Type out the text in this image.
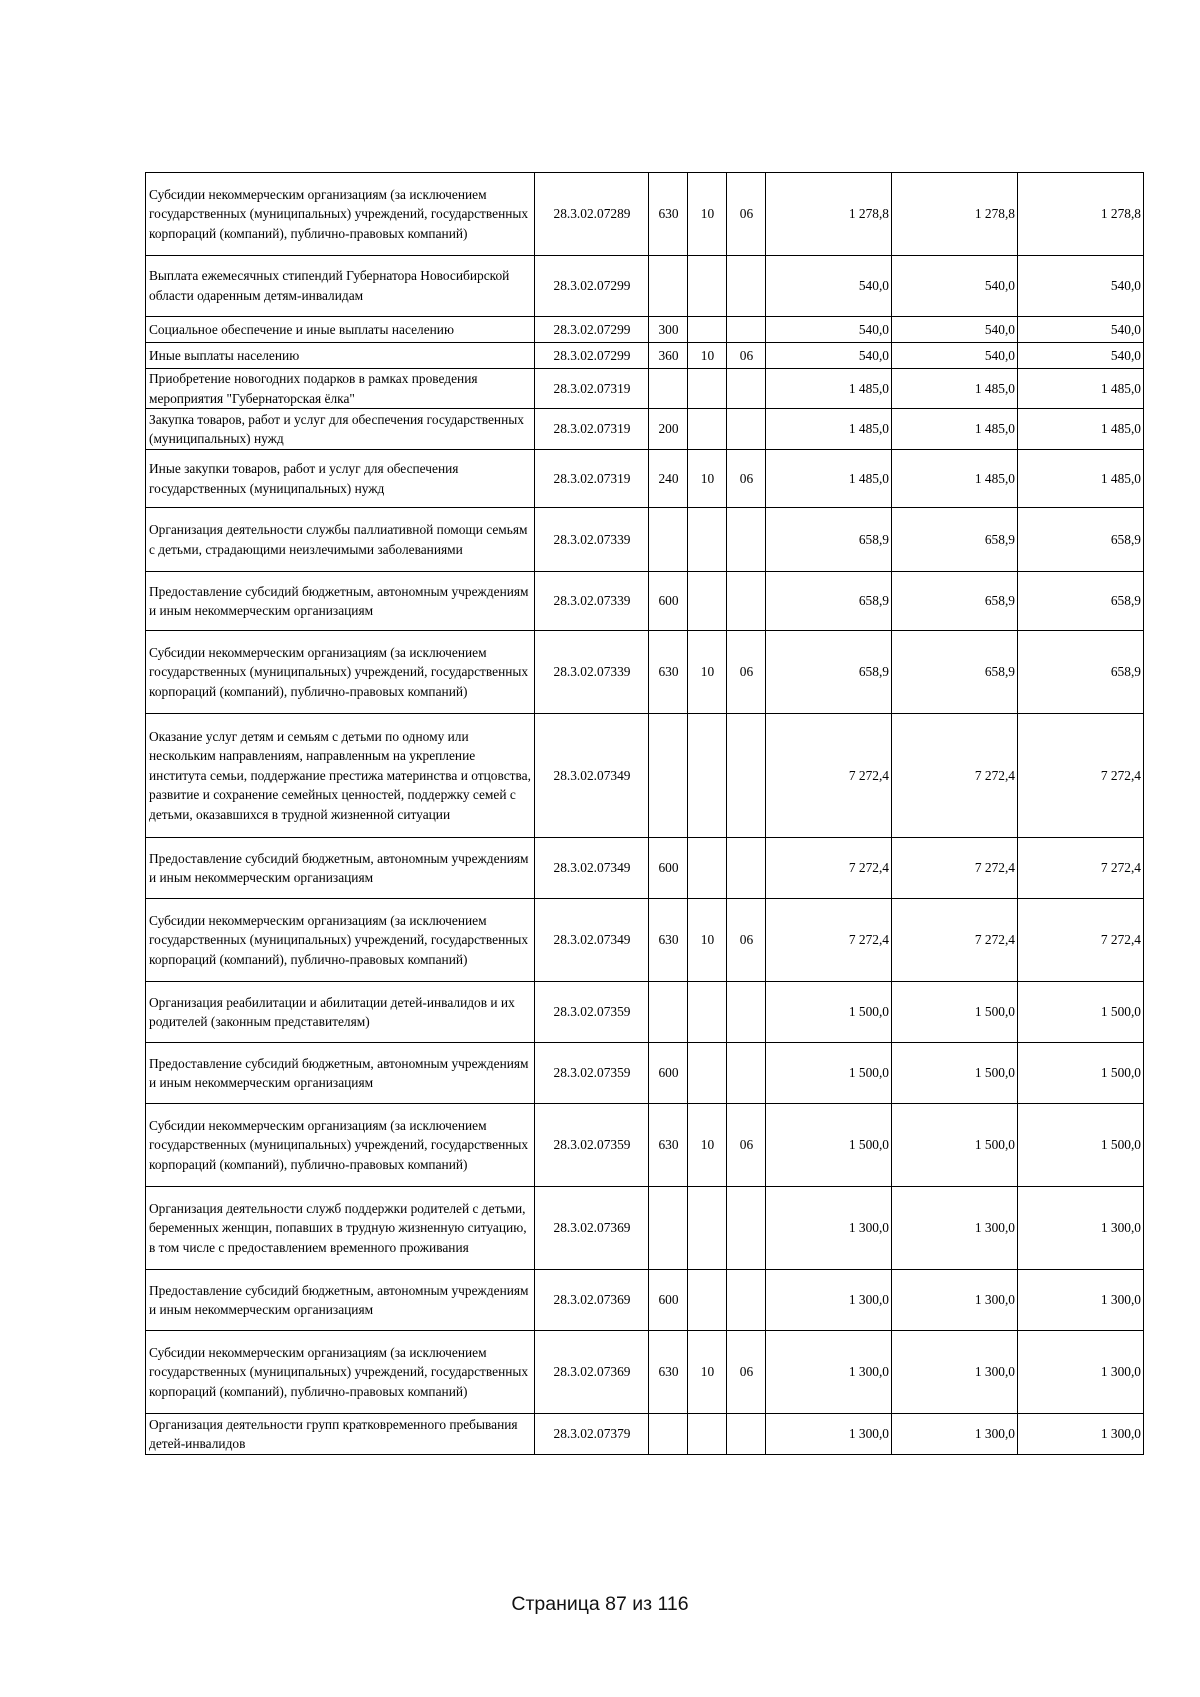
Субсидии некоммерческим организациям (за исключением государственных (муниципальных) учреждений, государственных корпораций (компаний), публично-правовых компаний)	28.3.02.07289	630	10	06	1 278,8	1 278,8	1 278,8
Выплата ежемесячных стипендий Губернатора Новосибирской области одаренным детям-инвалидам	28.3.02.07299				540,0	540,0	540,0
Социальное обеспечение и иные выплаты населению	28.3.02.07299	300			540,0	540,0	540,0
Иные выплаты населению	28.3.02.07299	360	10	06	540,0	540,0	540,0
Приобретение новогодних подарков в рамках проведения мероприятия "Губернаторская ёлка"	28.3.02.07319				1 485,0	1 485,0	1 485,0
Закупка товаров, работ и услуг для обеспечения государственных (муниципальных) нужд	28.3.02.07319	200			1 485,0	1 485,0	1 485,0
Иные закупки товаров, работ и услуг для обеспечения государственных (муниципальных) нужд	28.3.02.07319	240	10	06	1 485,0	1 485,0	1 485,0
Организация деятельности службы паллиативной помощи семьям с детьми, страдающими неизлечимыми заболеваниями	28.3.02.07339				658,9	658,9	658,9
Предоставление субсидий бюджетным, автономным учреждениям и иным некоммерческим организациям	28.3.02.07339	600			658,9	658,9	658,9
Субсидии некоммерческим организациям (за исключением государственных (муниципальных) учреждений, государственных корпораций (компаний), публично-правовых компаний)	28.3.02.07339	630	10	06	658,9	658,9	658,9
Оказание услуг детям и семьям с детьми по одному или нескольким направлениям, направленным на укрепление института семьи, поддержание престижа материнства и отцовства, развитие и сохранение семейных ценностей, поддержку семей с детьми, оказавшихся в трудной жизненной ситуации	28.3.02.07349				7 272,4	7 272,4	7 272,4
Предоставление субсидий бюджетным, автономным учреждениям и иным некоммерческим организациям	28.3.02.07349	600			7 272,4	7 272,4	7 272,4
Субсидии некоммерческим организациям (за исключением государственных (муниципальных) учреждений, государственных корпораций (компаний), публично-правовых компаний)	28.3.02.07349	630	10	06	7 272,4	7 272,4	7 272,4
Организация реабилитации и абилитации детей-инвалидов и их родителей (законным представителям)	28.3.02.07359				1 500,0	1 500,0	1 500,0
Предоставление субсидий бюджетным, автономным учреждениям и иным некоммерческим организациям	28.3.02.07359	600			1 500,0	1 500,0	1 500,0
Субсидии некоммерческим организациям (за исключением государственных (муниципальных) учреждений, государственных корпораций (компаний), публично-правовых компаний)	28.3.02.07359	630	10	06	1 500,0	1 500,0	1 500,0
Организация деятельности служб поддержки родителей с детьми, беременных женщин, попавших в трудную жизненную ситуацию, в том числе с предоставлением временного проживания	28.3.02.07369				1 300,0	1 300,0	1 300,0
Предоставление субсидий бюджетным, автономным учреждениям и иным некоммерческим организациям	28.3.02.07369	600			1 300,0	1 300,0	1 300,0
Субсидии некоммерческим организациям (за исключением государственных (муниципальных) учреждений, государственных корпораций (компаний), публично-правовых компаний)	28.3.02.07369	630	10	06	1 300,0	1 300,0	1 300,0
Организация деятельности групп кратковременного пребывания детей-инвалидов	28.3.02.07379				1 300,0	1 300,0	1 300,0
Страница 87 из 116
